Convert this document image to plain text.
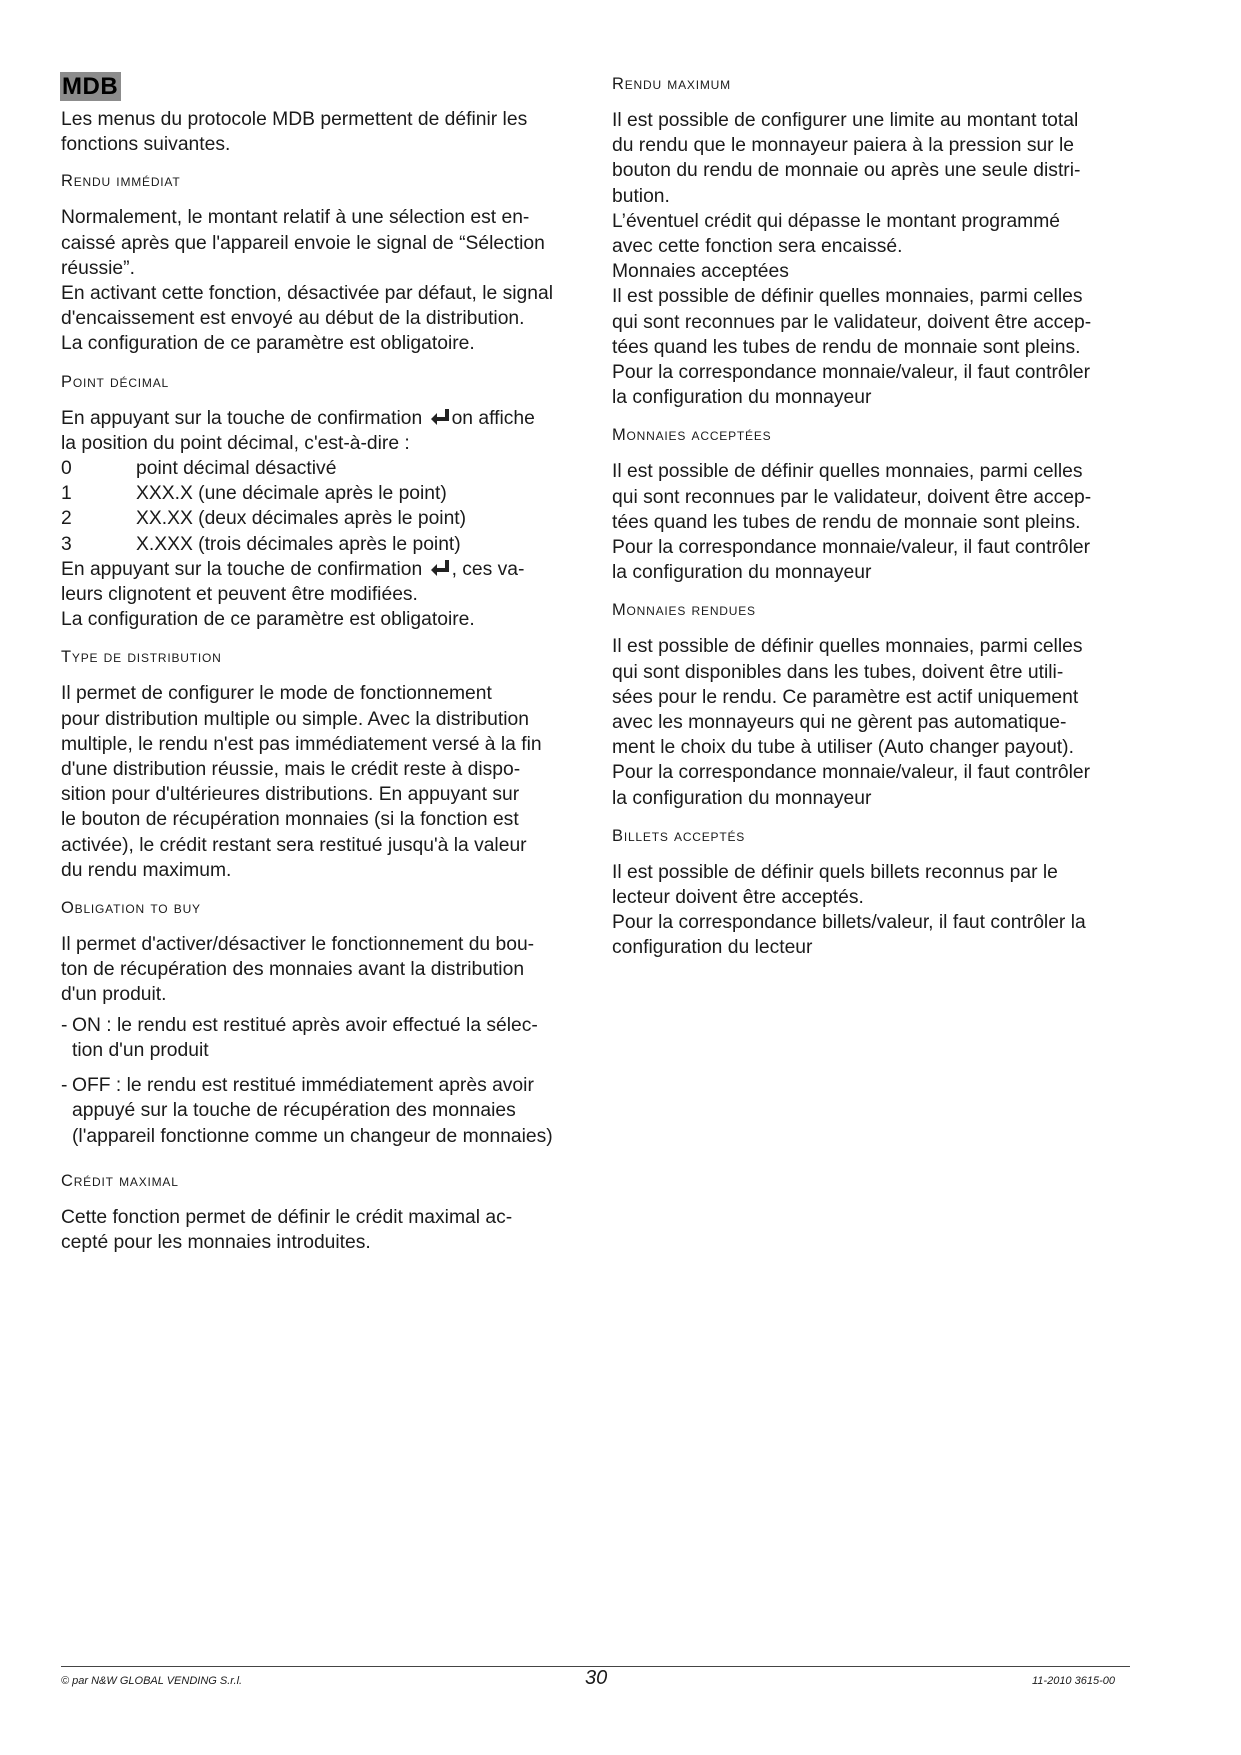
MDB

Les menus du protocole MDB permettent de définir les

fonctions suivantes.

Rendu immédiat

Normalement, le montant relatif à une sélection est en-

caissé après que l'appareil envoie le signal de “Sélection

réussie”.

En activant cette fonction, désactivée par défaut, le signal

d'encaissement est envoyé au début de la distribution.

La configuration de ce paramètre est obligatoire.

Point décimal

En appuyant sur la touche de confirmation on affiche

la position du point décimal, c'est-à-dire :

0	point décimal désactivé
1	XXX.X (une décimale après le point)
2	XX.XX (deux décimales après le point)
3	X.XXX (trois décimales après le point)

En appuyant sur la touche de confirmation , ces va-

leurs clignotent et peuvent être modifiées.

La configuration de ce paramètre est obligatoire.

Type de distribution

Il permet de configurer le mode de fonctionnement

pour distribution multiple ou simple. Avec la distribution

multiple, le rendu n'est pas immédiatement versé à la fin

d'une distribution réussie, mais le crédit reste à dispo-

sition pour d'ultérieures distributions. En appuyant sur

le bouton de récupération monnaies (si la fonction est

activée), le crédit restant sera restitué jusqu'à la valeur

du rendu maximum.

Obligation to buy

Il permet d'activer/désactiver le fonctionnement du bou-

ton de récupération des monnaies avant la distribution

d'un produit.

- ON : le rendu est restitué après avoir effectué la sélec-

tion d'un produit

- OFF : le rendu est restitué immédiatement après avoir

appuyé sur la touche de récupération des monnaies

(l'appareil fonctionne comme un changeur de monnaies)

Crédit maximal

Cette fonction permet de définir le crédit maximal ac-

cepté pour les monnaies introduites.

Rendu maximum

Il est possible de configurer une limite au montant total

du rendu que le monnayeur paiera à la pression sur le

bouton du rendu de monnaie ou après une seule distri-

bution.

L’éventuel crédit qui dépasse le montant programmé

avec cette fonction sera encaissé.

Monnaies acceptées

Il est possible de définir quelles monnaies, parmi celles

qui sont reconnues par le validateur, doivent être accep-

tées quand les tubes de rendu de monnaie sont pleins.

Pour la correspondance monnaie/valeur, il faut contrôler

la configuration du monnayeur

Monnaies acceptées

Il est possible de définir quelles monnaies, parmi celles

qui sont reconnues par le validateur, doivent être accep-

tées quand les tubes de rendu de monnaie sont pleins.

Pour la correspondance monnaie/valeur, il faut contrôler

la configuration du monnayeur

Monnaies rendues

Il est possible de définir quelles monnaies, parmi celles

qui sont disponibles dans les tubes, doivent être utili-

sées pour le rendu. Ce paramètre est actif uniquement

avec les monnayeurs qui ne gèrent pas automatique-

ment le choix du tube à utiliser (Auto changer payout).

Pour la correspondance monnaie/valeur, il faut contrôler

la configuration du monnayeur

Billets acceptés

Il est possible de définir quels billets reconnus par le

lecteur doivent être acceptés.

Pour la correspondance billets/valeur, il faut contrôler la

configuration du lecteur

© par N&W GLOBAL VENDING S.r.l.	30	11-2010 3615-00
